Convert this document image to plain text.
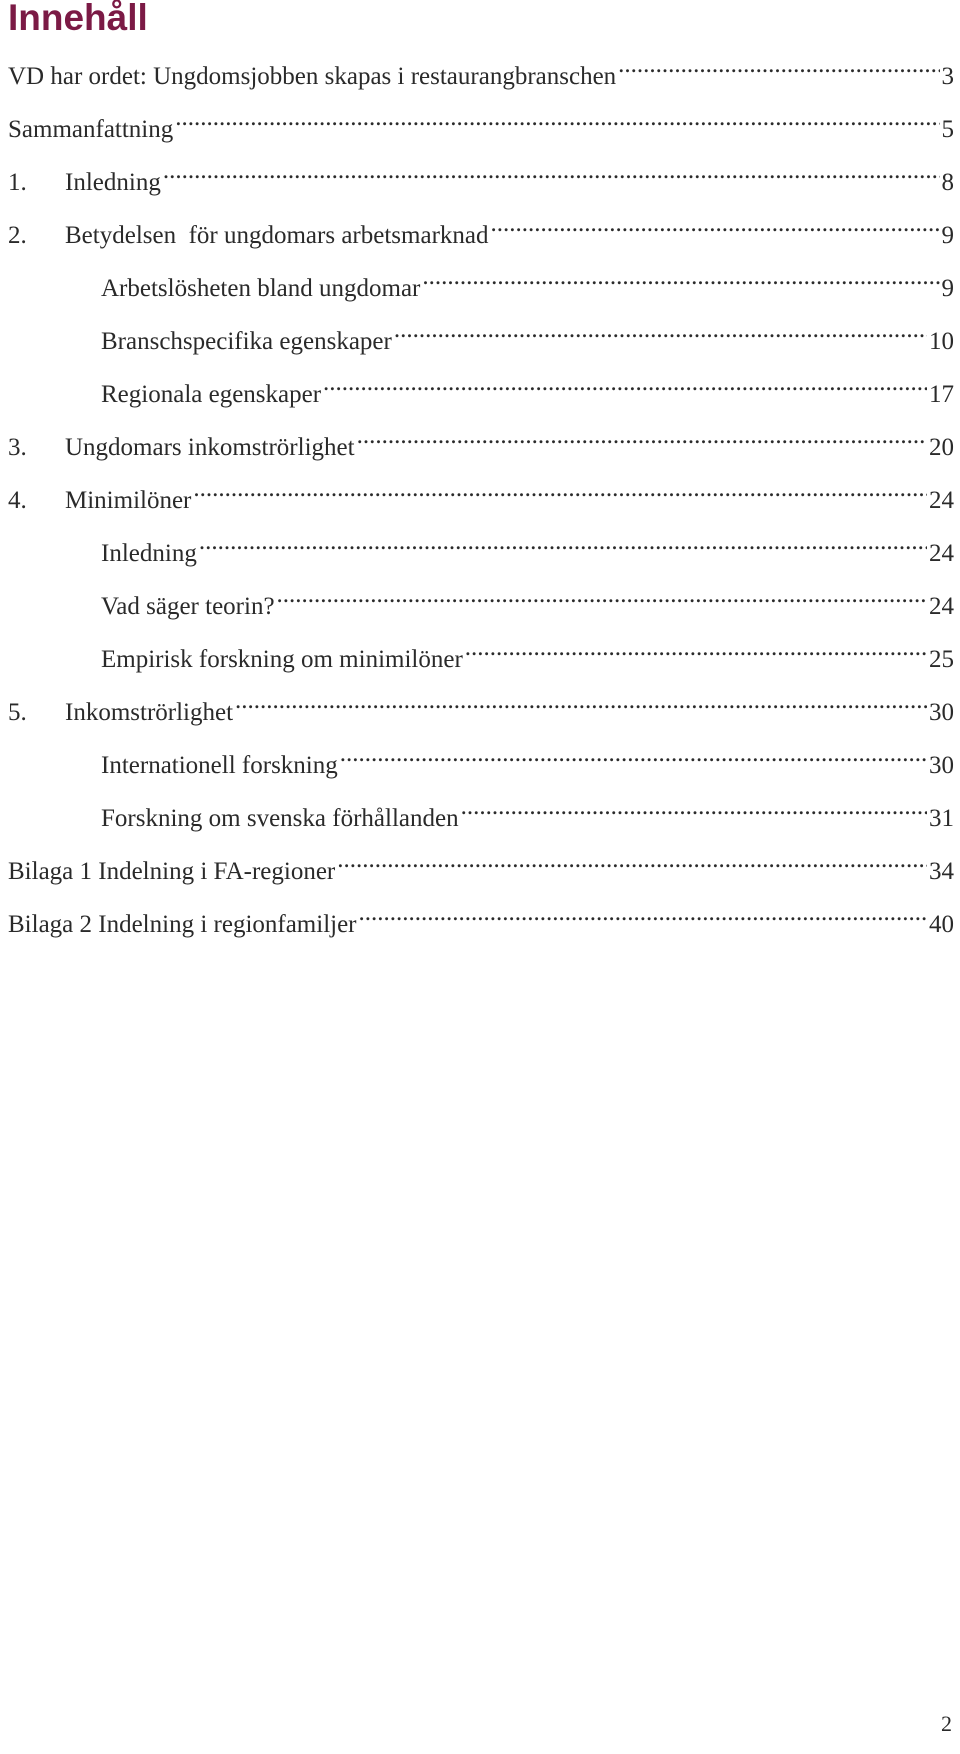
Innehåll
VD har ordet: Ungdomsjobben skapas i restaurangbranschen .....	3
Sammanfattning .....	5
1.	Inledning .....	8
2.	Betydelsen  för ungdomars arbetsmarknad .....	9
Arbetslösheten bland ungdomar .....	9
Branschspecifika egenskaper .....	10
Regionala egenskaper .....	17
3.	Ungdomars inkomströrlighet .....	20
4.	Minimilöner .....	24
Inledning .....	24
Vad säger teorin? .....	24
Empirisk forskning om minimilöner .....	25
5.	Inkomströrlighet .....	30
Internationell forskning .....	30
Forskning om svenska förhållanden .....	31
Bilaga 1 Indelning i FA-regioner .....	34
Bilaga 2 Indelning i regionfamiljer .....	40
2
